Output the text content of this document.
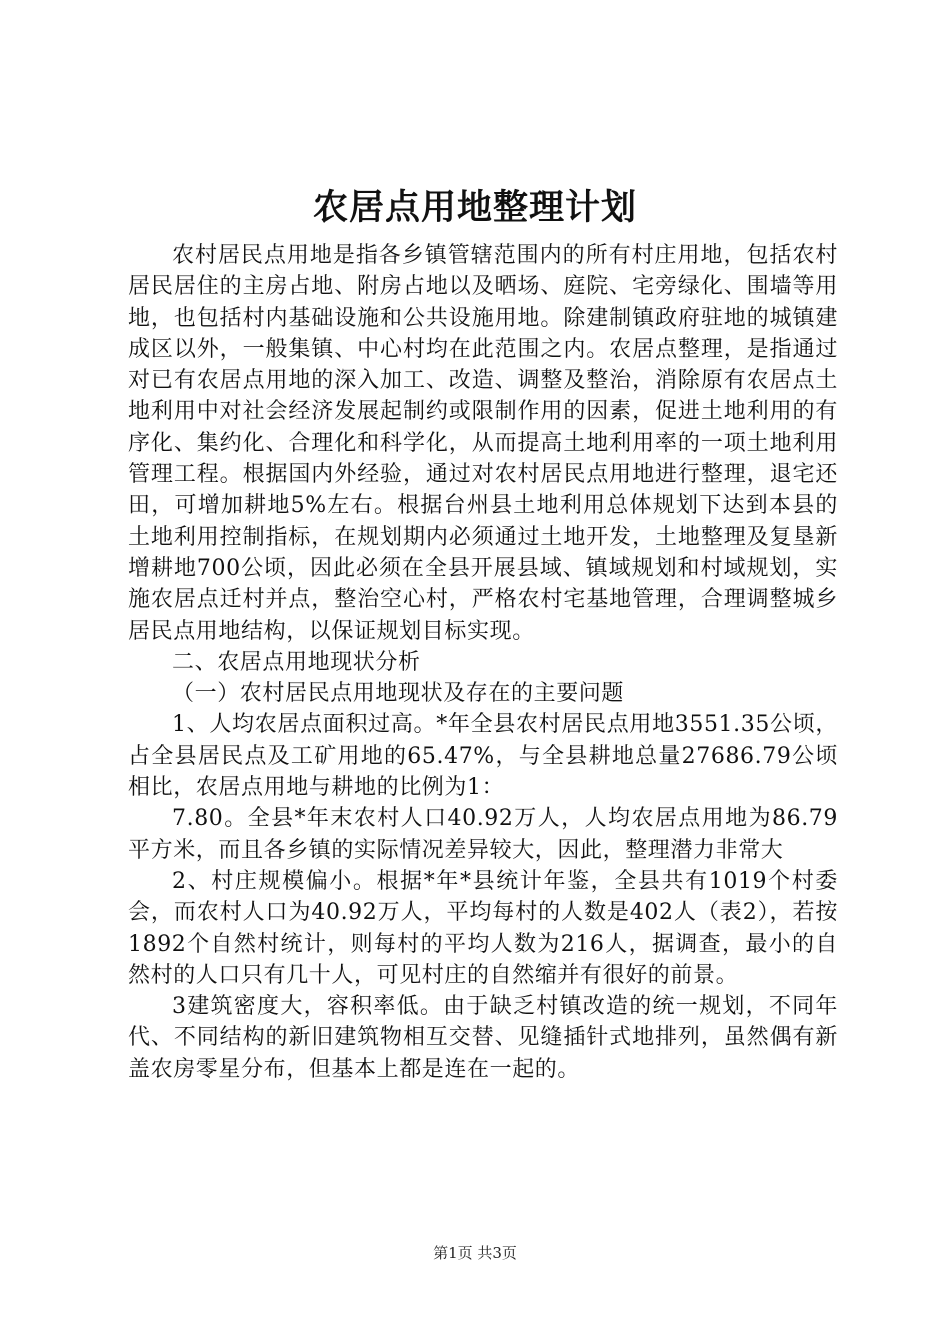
农居点用地整理计划

农村居民点用地是指各乡镇管辖范围内的所有村庄用地，包括农村居民居住的主房占地、附房占地以及晒场、庭院、宅旁绿化、围墙等用地，也包括村内基础设施和公共设施用地。除建制镇政府驻地的城镇建成区以外，一般集镇、中心村均在此范围之内。农居点整理，是指通过对已有农居点用地的深入加工、改造、调整及整治，消除原有农居点土地利用中对社会经济发展起制约或限制作用的因素，促进土地利用的有序化、集约化、合理化和科学化，从而提高土地利用率的一项土地利用管理工程。根据国内外经验，通过对农村居民点用地进行整理，退宅还田，可增加耕地5%左右。根据台州县土地利用总体规划下达到本县的土地利用控制指标，在规划期内必须通过土地开发，土地整理及复垦新增耕地700公顷，因此必须在全县开展县域、镇域规划和村域规划，实施农居点迁村并点，整治空心村，严格农村宅基地管理，合理调整城乡居民点用地结构，以保证规划目标实现。

二、农居点用地现状分析

（一）农村居民点用地现状及存在的主要问题

1、人均农居点面积过高。*年全县农村居民点用地3551.35公顷，占全县居民点及工矿用地的65.47%，与全县耕地总量27686.79公顷相比，农居点用地与耕地的比例为1：

7.80。全县*年末农村人口40.92万人，人均农居点用地为86.79平方米，而且各乡镇的实际情况差异较大，因此，整理潜力非常大

2、村庄规模偏小。根据*年*县统计年鉴，全县共有1019个村委会，而农村人口为40.92万人，平均每村的人数是402人（表2），若按1892个自然村统计，则每村的平均人数为216人，据调查，最小的自然村的人口只有几十人，可见村庄的自然缩并有很好的前景。

3建筑密度大，容积率低。由于缺乏村镇改造的统一规划，不同年代、不同结构的新旧建筑物相互交替、见缝插针式地排列，虽然偶有新盖农房零星分布，但基本上都是连在一起的。

第1页 共3页
